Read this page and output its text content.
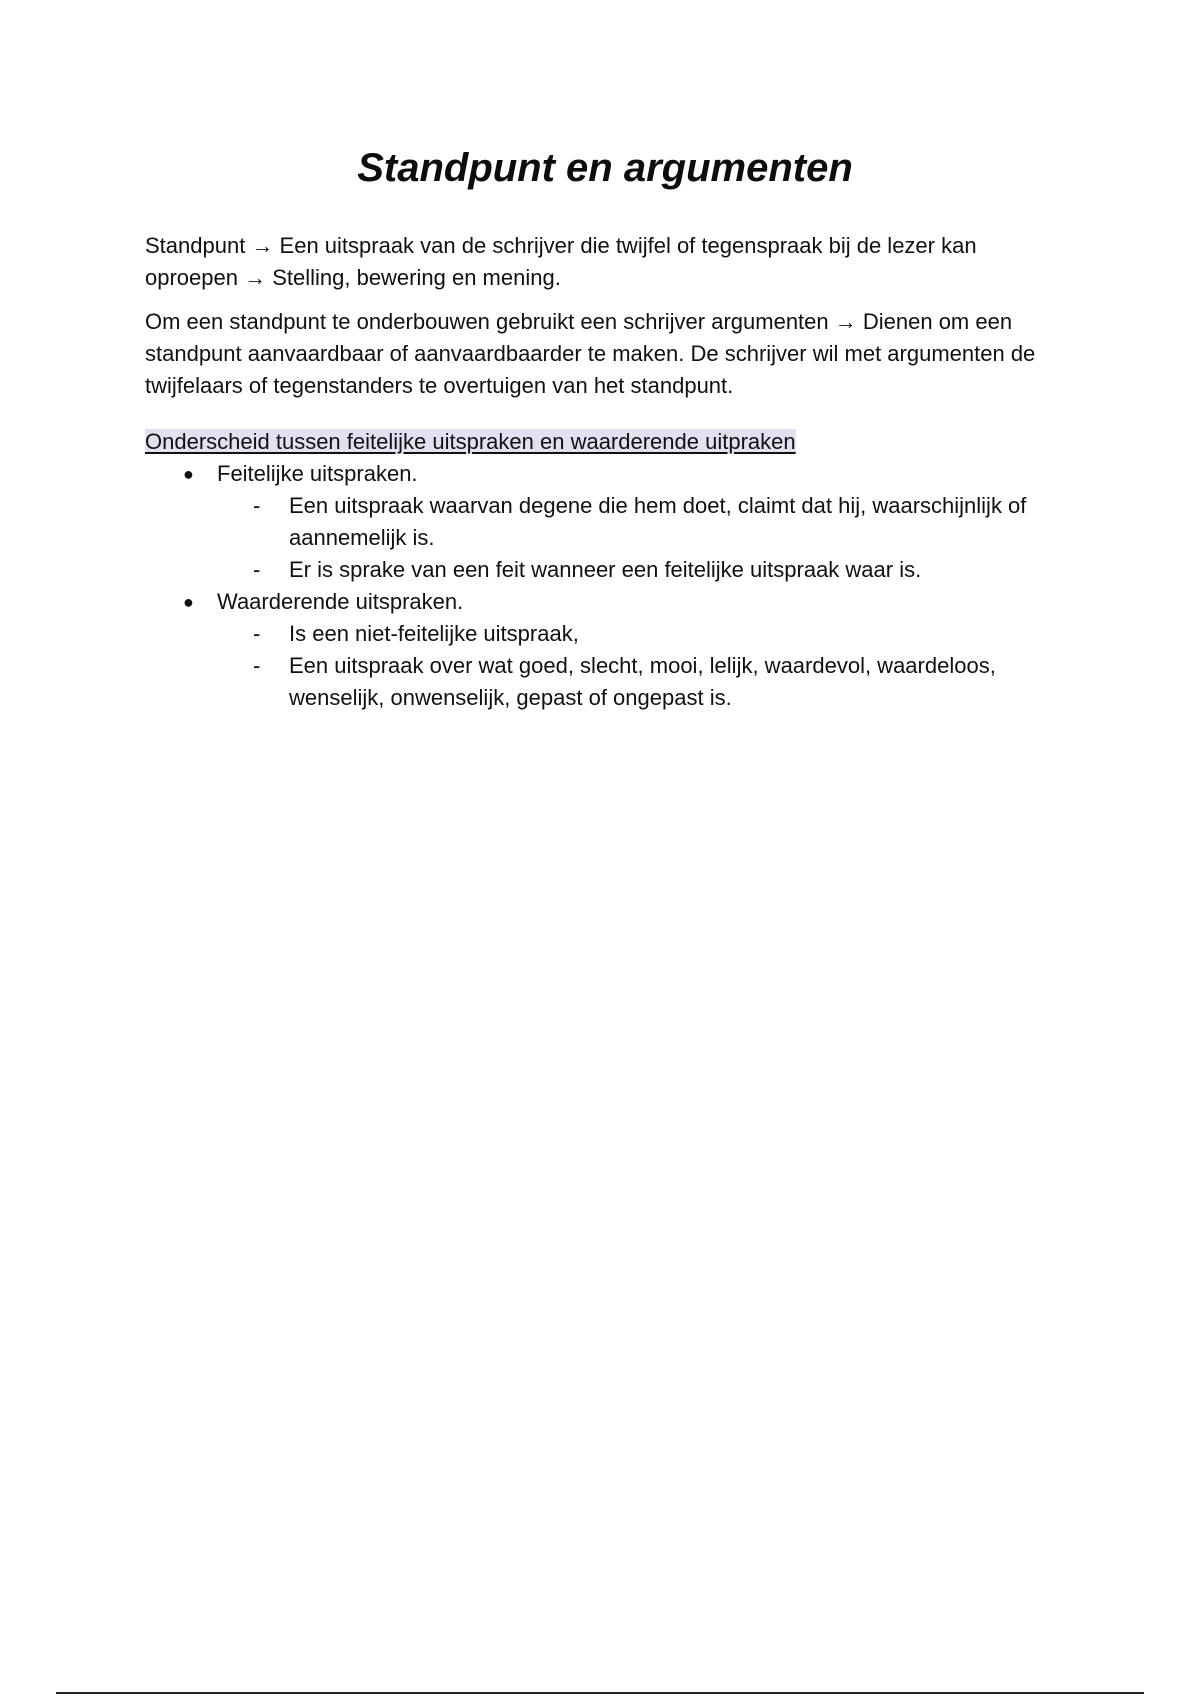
Standpunt en argumenten

Standpunt → Een uitspraak van de schrijver die twijfel of tegenspraak bij de lezer kan oproepen → Stelling, bewering en mening.

Om een standpunt te onderbouwen gebruikt een schrijver argumenten → Dienen om een standpunt aanvaardbaar of aanvaardbaarder te maken. De schrijver wil met argumenten de twijfelaars of tegenstanders te overtuigen van het standpunt.

Onderscheid tussen feitelijke uitspraken en waarderende uitpraken
● Feitelijke uitspraken.
- Een uitspraak waarvan degene die hem doet, claimt dat hij, waarschijnlijk of aannemelijk is.
- Er is sprake van een feit wanneer een feitelijke uitspraak waar is.
● Waarderende uitspraken.
- Is een niet-feitelijke uitspraak,
- Een uitspraak over wat goed, slecht, mooi, lelijk, waardevol, waardeloos, wenselijk, onwenselijk, gepast of ongepast is.
